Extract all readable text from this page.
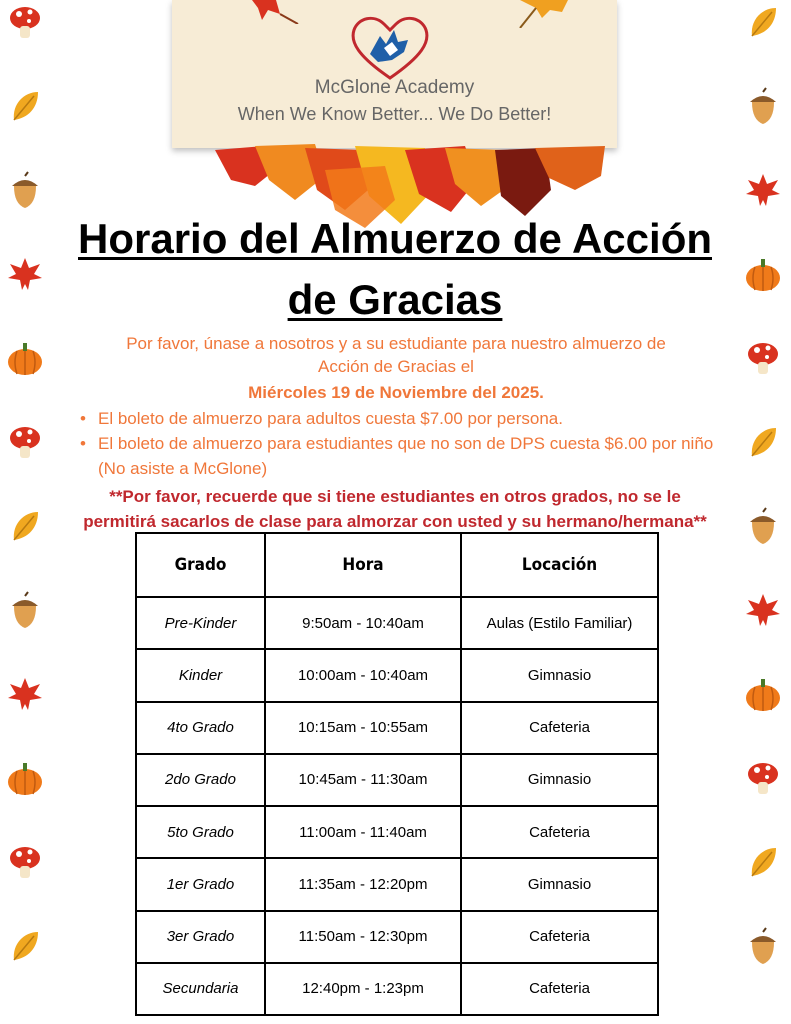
McGlone Academy
When We Know Better... We Do Better!
Horario del Almuerzo de Acción
de Gracias
Por favor, únase a nosotros y a su estudiante para nuestro almuerzo de
Acción de Gracias el
Miércoles 19 de Noviembre del 2025.
• El boleto de almuerzo para adultos cuesta $7.00 por persona.
• El boleto de almuerzo para estudiantes que no son de DPS cuesta $6.00 por niño (No asiste a McGlone)
**Por favor, recuerde que si tiene estudiantes en otros grados, no se le
permitirá sacarlos de clase para almorzar con usted y su hermano/hermana**
Grado	Hora	Locación
Pre-Kinder	9:50am - 10:40am	Aulas (Estilo Familiar)
Kinder	10:00am - 10:40am	Gimnasio
4to Grado	10:15am - 10:55am	Cafeteria
2do Grado	10:45am - 11:30am	Gimnasio
5to Grado	11:00am - 11:40am	Cafeteria
1er Grado	11:35am - 12:20pm	Gimnasio
3er Grado	11:50am - 12:30pm	Cafeteria
Secundaria	12:40pm - 1:23pm	Cafeteria
